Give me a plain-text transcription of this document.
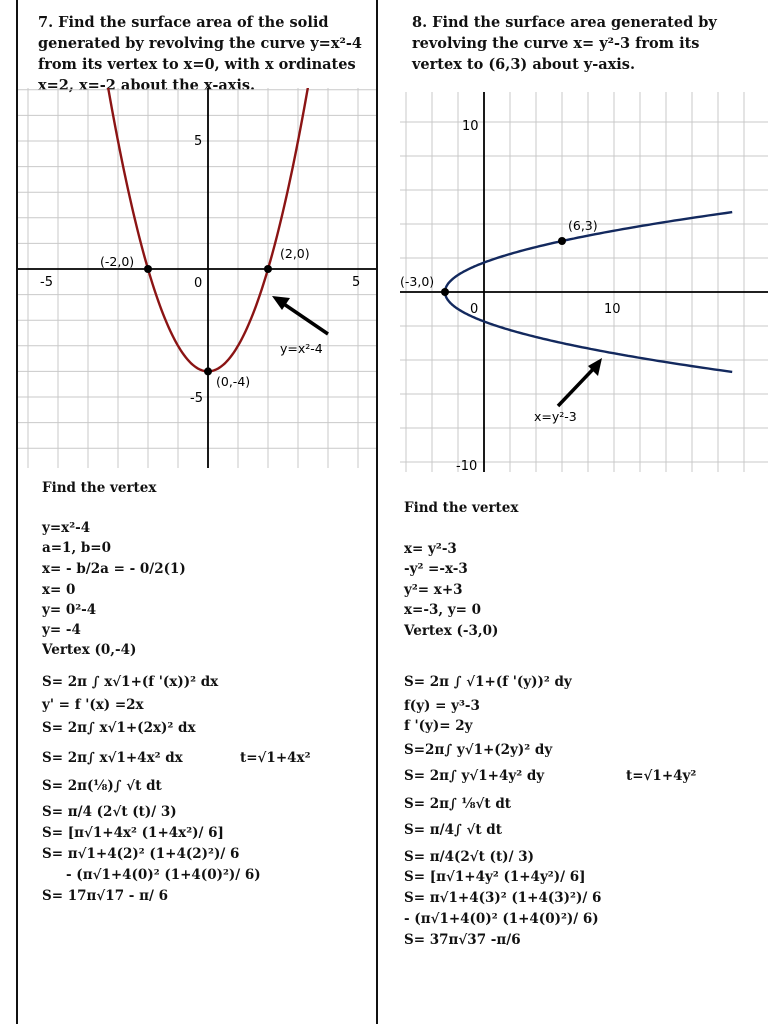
7. Find the surface area of the solid generated by revolving the curve y=x²-4 from its vertex to x=0, with x ordinates x=2, x=-2 about the x-axis.
-5	0	5
5
-5
(-2,0)
(2,0)
(0,-4)
y=x²-4
Find the vertex
y=x²-4
a=1, b=0
x= - b/2a = - 0/2(1)
x= 0
y= 0²-4
y= -4
Vertex (0,-4)
S= 2π ∫ x√1+(f '(x))² dx
y' = f '(x) =2x
S= 2π∫ x√1+(2x)² dx
S= 2π∫ x√1+4x² dx	t=√1+4x²
S= 2π(⅛)∫ √t dt
S= π/4 (2√t (t)/ 3)
S= [π√1+4x² (1+4x²)/ 6]
S= π√1+4(2)² (1+4(2)²)/ 6
- (π√1+4(0)² (1+4(0)²)/ 6)
S= 17π√17 - π/ 6
8. Find the surface area generated by revolving the curve x= y²-3 from its vertex to (6,3) about y-axis.
10
-10
0	10
(6,3)
(-3,0)
x=y²-3
Find the vertex
x= y²-3
-y² =-x-3
y²= x+3
x=-3, y= 0
Vertex (-3,0)
S= 2π ∫ √1+(f '(y))² dy
f(y) = y³-3
f '(y)= 2y
S=2π∫ y√1+(2y)² dy
S= 2π∫ y√1+4y² dy	t=√1+4y²
S= 2π∫ ⅛√t dt
S= π/4∫ √t dt
S= π/4(2√t (t)/ 3)
S= [π√1+4y² (1+4y²)/ 6]
S= π√1+4(3)² (1+4(3)²)/ 6
- (π√1+4(0)² (1+4(0)²)/ 6)
S= 37π√37 -π/6
